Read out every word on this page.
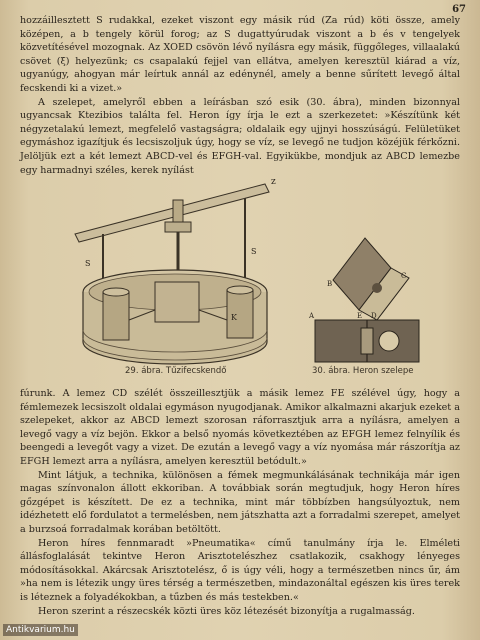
67

hozzáillesztett S rudakkal, ezeket viszont egy másik rúd (Za rúd) köti össze, amely középen, a b tengely körül forog; az S dugattyúrudak viszont a b és v tengelyek közvetítésével mozognak. Az XOED csövön lévő nyílásra egy másik, függőleges, villaalakú csövet (ξ) helyezünk; cs csapalakú fejjel van ellátva, amelyen keresztül kiárad a víz, ugyanúgy, ahogyan már leírtuk annál az edénynél, amely a benne sűrített levegő által fecskendi ki a vizet.»

A szelepet, amelyről ebben a leírásban szó esik (30. ábra), minden bizonnyal ugyancsak Ktezibios találta fel. Heron így írja le ezt a szerkezetet: »Készítünk két négyzetalakú lemezt, megfelelő vastagságra; oldalaik egy ujjnyi hosszúságú. Felületüket egymáshoz igazítjuk és lecsiszoljuk úgy, hogy se víz, se levegő ne tudjon közéjük férkőzni. Jelöljük ezt a két lemezt ABCD-vel és EFGH-val. Egyikükbe, mondjuk az ABCD lemezbe egy harmadnyi széles, kerek nyílást

z
S
S
K
B
C
E D
A
29. ábra. Tűzifecskendő	30. ábra. Heron szelepe

fúrunk. A lemez CD szélét összeillesztjük a másik lemez FE szélével úgy, hogy a fémlemezek lecsiszolt oldalai egymáson nyugodjanak. Amikor alkalmazni akarjuk ezeket a szelepeket, akkor az ABCD lemezt szorosan ráforrasztjuk arra a nyílásra, amelyen a levegő vagy a víz bejön. Ekkor a belső nyomás következtében az EFGH lemez felnyílik és beengedi a levegőt vagy a vizet. De ezután a levegő vagy a víz nyomása már rászorítja az EFGH lemezt arra a nyílásra, amelyen keresztül betódult.»

Mint látjuk, a technika, különösen a fémek megmunkálásának technikája már igen magas színvonalon állott ekkoriban. A továbbiak során megtudjuk, hogy Heron híres gőzgépet is készített. De ez a technika, mint már többízben hangsúlyoztuk, nem idézhetett elő fordulatot a termelésben, nem játszhatta azt a forradalmi szerepet, amelyet a burzsoá forradalmak korában betöltött.

Heron híres fennmaradt »Pneumatika« című tanulmány írja le. Elméleti állásfoglalását tekintve Heron Arisztotelészhez csatlakozik, csakhogy lényeges módosításokkal. Akárcsak Arisztotelész, ő is úgy véli, hogy a természetben nincs űr, ám »ha nem is létezik ungy üres térség a természetben, mindazonáltal egészen kis üres terek is léteznek a folyadékokban, a tűzben és más testekben.«

Heron szerint a részecskék közti üres köz létezését bizonyítja a rugalmasság.

Antikvarium.hu
